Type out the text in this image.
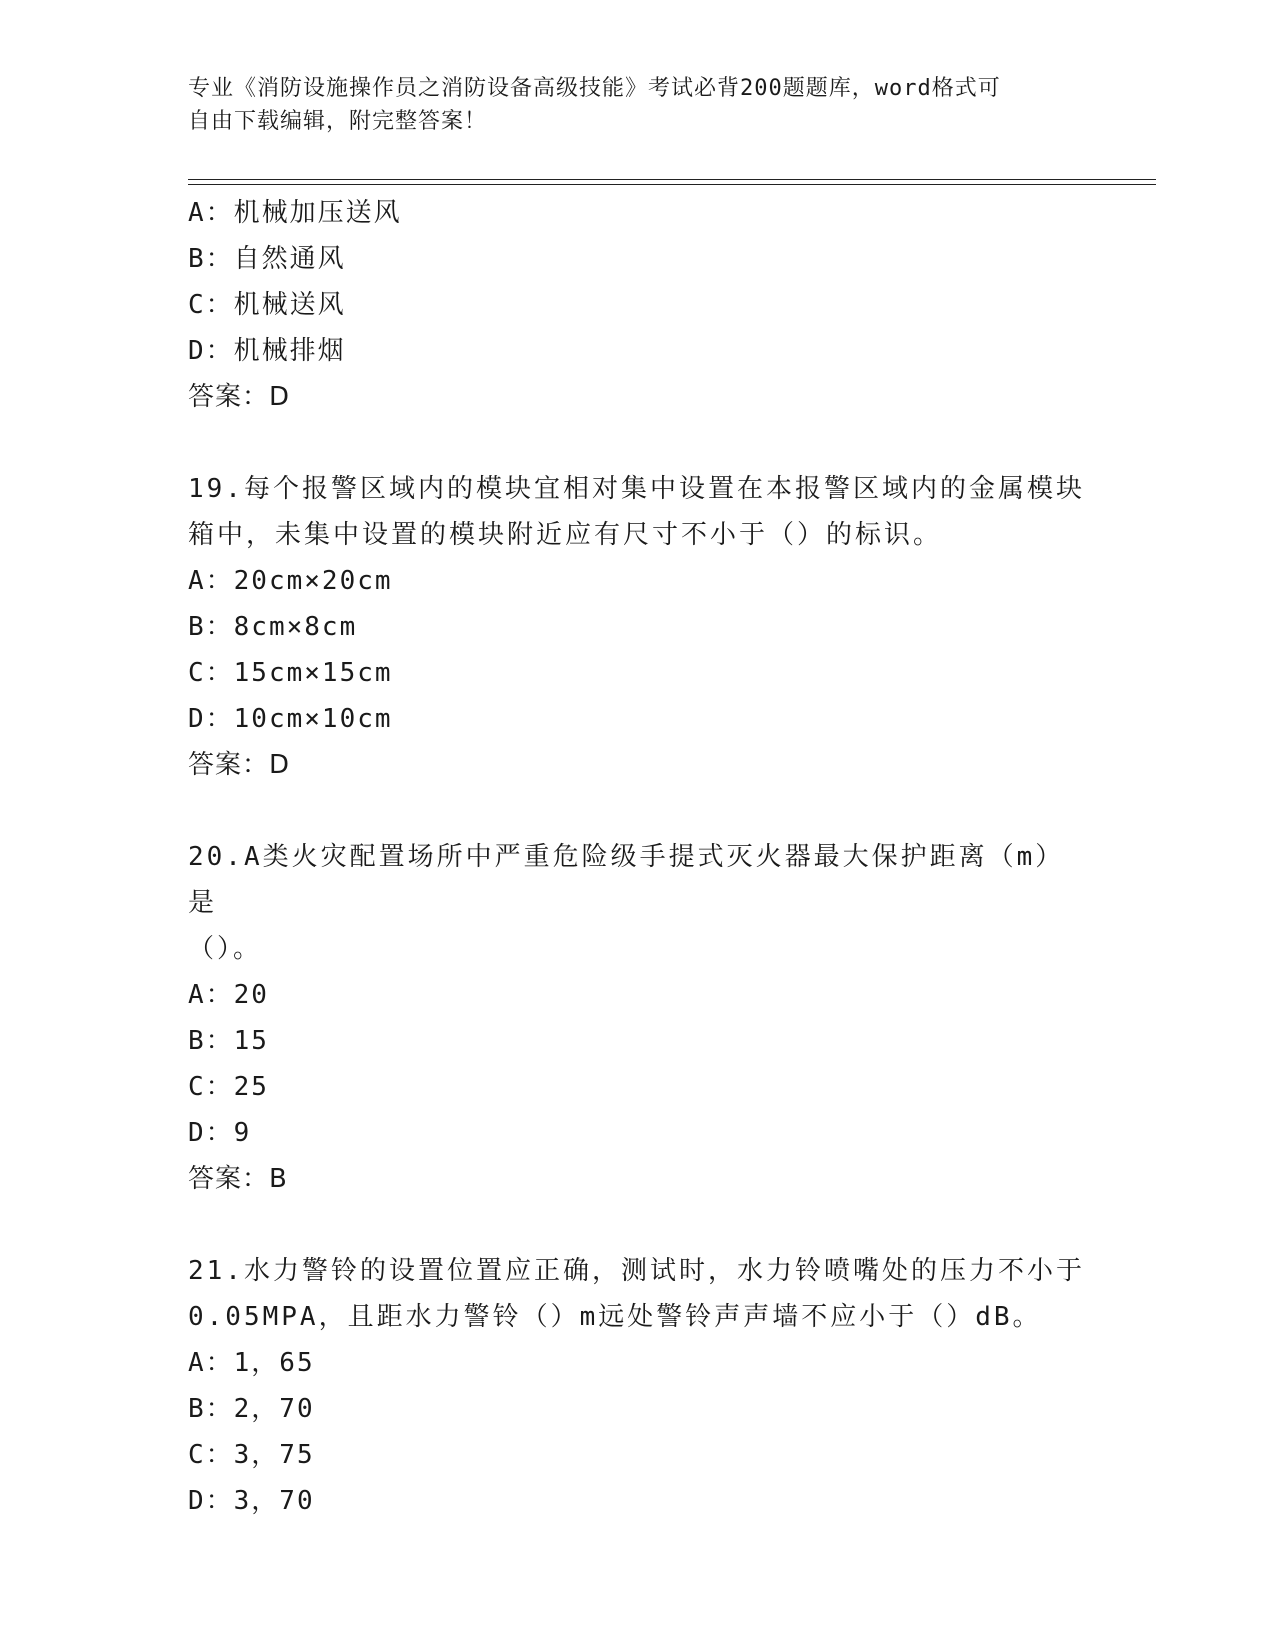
专业《消防设施操作员之消防设备高级技能》考试必背200题题库，word格式可
自由下载编辑，附完整答案！
A：机械加压送风
B：自然通风
C：机械送风
D：机械排烟
答案：D
19.每个报警区域内的模块宜相对集中设置在本报警区域内的金属模块
箱中，未集中设置的模块附近应有尺寸不小于（）的标识。
A：20cm×20cm
B：8cm×8cm
C：15cm×15cm
D：10cm×10cm
答案：D
20.A类火灾配置场所中严重危险级手提式灭火器最大保护距离（m）是
（）。
A：20
B：15
C：25
D：9
答案：B
21.水力警铃的设置位置应正确，测试时，水力铃喷嘴处的压力不小于
0.05MPA，且距水力警铃（）m远处警铃声声墙不应小于（）dB。
A：1，65
B：2，70
C：3，75
D：3，70
